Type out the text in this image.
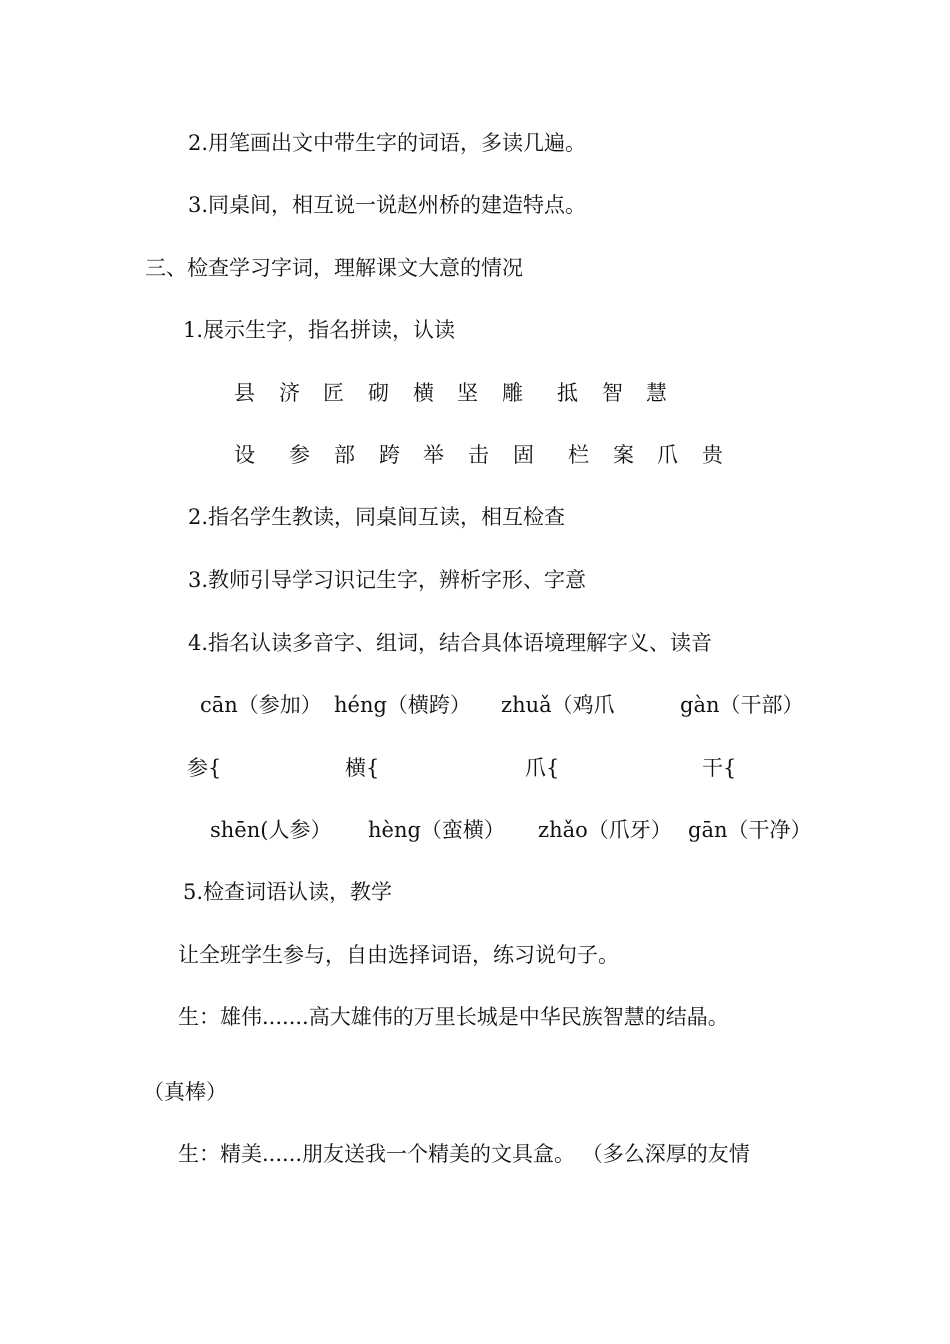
2.用笔画出文中带生字的词语，多读几遍。
3.同桌间，相互说一说赵州桥的建造特点。
三、检查学习字词，理解课文大意的情况
1.展示生字，指名拼读，认读
县 济 匠 砌 横 坚 雕 抵 智 慧
设 参 部 跨 举 击 固 栏 案 爪 贵
2.指名学生教读，同桌间互读，相互检查
3.教师引导学习识记生字，辨析字形、字意
4.指名认读多音字、组词，结合具体语境理解字义、读音
cān（参加） héng（横跨） zhuǎ（鸡爪	gàn（干部）
参{	横{	爪{	干{
shēn(人参） hèng（蛮横） zhǎo（爪牙） gān（干净）
5.检查词语认读，教学
让全班学生参与，自由选择词语，练习说句子。
生：雄伟.......高大雄伟的万里长城是中华民族智慧的结晶。
（真棒）
生：精美......朋友送我一个精美的文具盒。 （多么深厚的友情
